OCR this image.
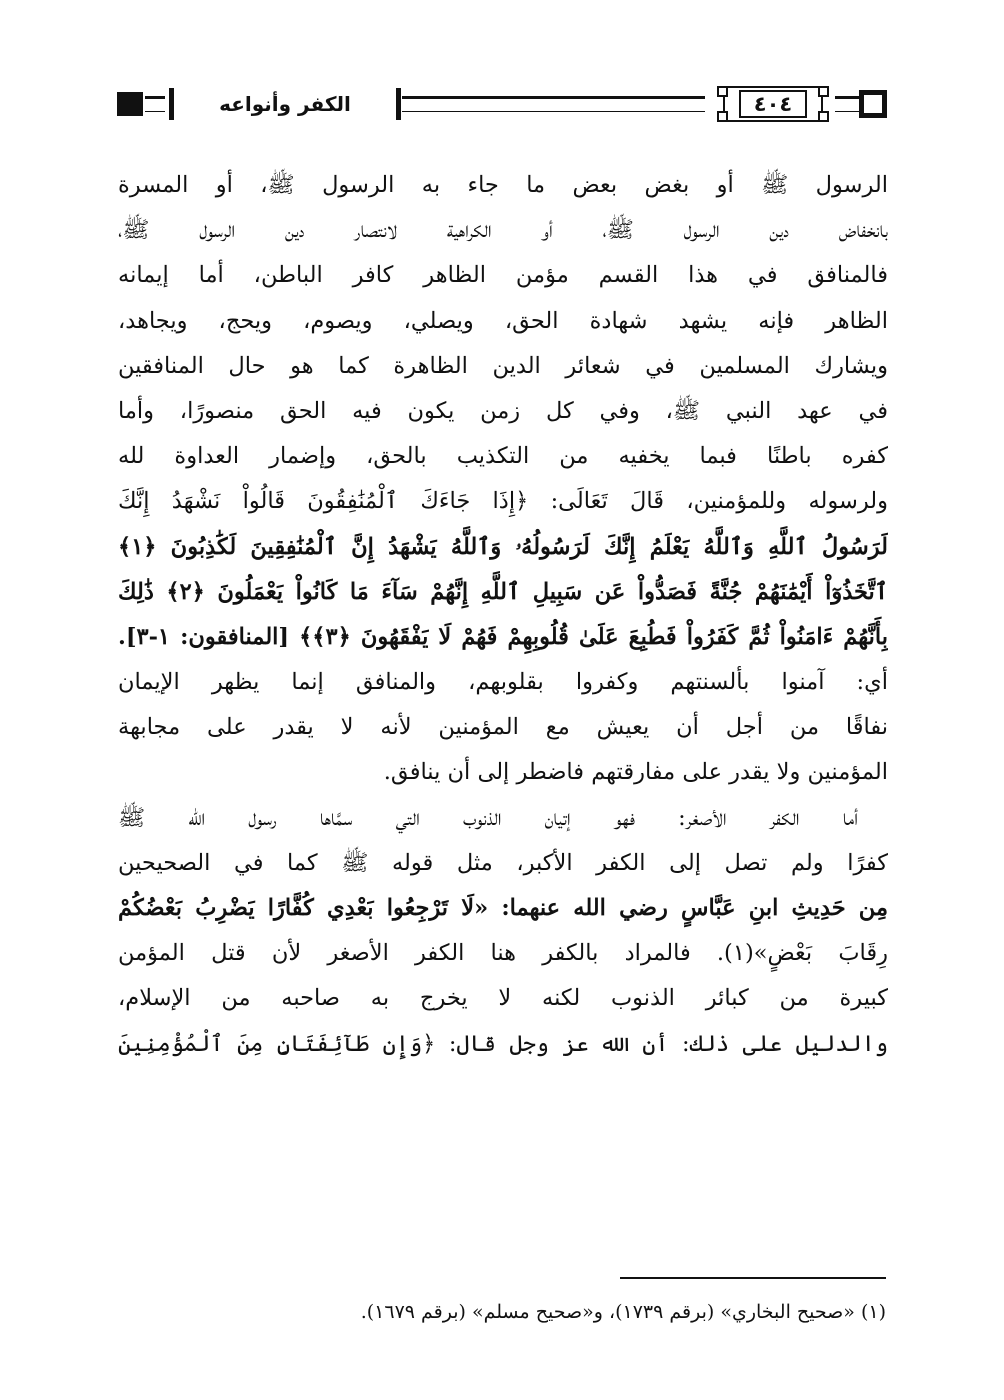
الكفر وأنواعه	٤٠٤
الرسول ﷺ أو بغض بعض ما جاء به الرسول ﷺ، أو المسرة
بانخفاض دين الرسول ﷺ، أو الكراهية لانتصار دين الرسول ﷺ،
فالمنافق في هذا القسم مؤمن الظاهر كافر الباطن، أما إيمانه
الظاهر فإنه يشهد شهادة الحق، ويصلي، ويصوم، ويحج، ويجاهد،
ويشارك المسلمين في شعائر الدين الظاهرة كما هو حال المنافقين
في عهد النبي ﷺ، وفي كل زمن يكون فيه الحق منصورًا، وأما
كفره باطنًا فبما يخفيه من التكذيب بالحق، وإضمار العداوة لله
ولرسوله وللمؤمنين، قَالَ تَعَالَى: ﴿إِذَا جَاءَكَ ٱلْمُنَٰفِقُونَ قَالُواْ نَشْهَدُ إِنَّكَ
لَرَسُولُ ٱللَّهِ وَٱللَّهُ يَعْلَمُ إِنَّكَ لَرَسُولُهُۥ وَٱللَّهُ يَشْهَدُ إِنَّ ٱلْمُنَٰفِقِينَ لَكَٰذِبُونَ ﴿١﴾
ٱتَّخَذُوٓاْ أَيْمَٰنَهُمْ جُنَّةً فَصَدُّواْ عَن سَبِيلِ ٱللَّهِ إِنَّهُمْ سَآءَ مَا كَانُواْ يَعْمَلُونَ ﴿٢﴾ ذَٰلِكَ
بِأَنَّهُمْ ءَامَنُواْ ثُمَّ كَفَرُواْ فَطُبِعَ عَلَىٰ قُلُوبِهِمْ فَهُمْ لَا يَفْقَهُونَ ﴿٣﴾﴾ [المنافقون: ١-٣].
أي: آمنوا بألسنتهم وكفروا بقلوبهم، والمنافق إنما يظهر الإيمان
نفاقًا من أجل أن يعيش مع المؤمنين لأنه لا يقدر على مجابهة
المؤمنين ولا يقدر على مفارقتهم فاضطر إلى أن ينافق.
أما الكفر الأصغر: فهو إتيان الذنوب التي سمَّاها رسول الله ﷺ
كفرًا ولم تصل إلى الكفر الأكبر، مثل قوله ﷺ كما في الصحيحين
مِن حَدِيثِ ابنِ عَبَّاسٍ رضي الله عنهما: «لَا تَرْجِعُوا بَعْدِي كُفَّارًا يَضْرِبُ بَعْضُكُمْ
رِقَابَ بَعْضٍ»(١). فالمراد بالكفر هنا الكفر الأصغر لأن قتل المؤمن
كبيرة من كبائر الذنوب لكنه لا يخرج به صاحبه من الإسلام،
والدليل على ذلك: أن الله عز وجل قال: ﴿وَإِن طَآئِفَتَانِ مِنَ ٱلْمُؤْمِنِينَ
(١) «صحيح البخاري» (برقم ١٧٣٩)، و«صحيح مسلم» (برقم ١٦٧٩).
